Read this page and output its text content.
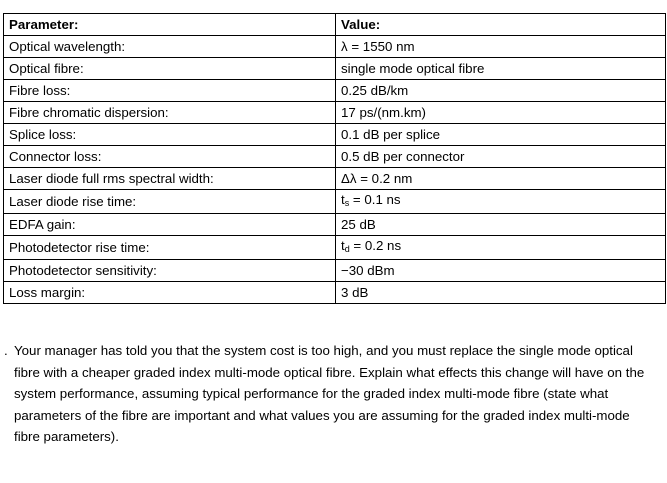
Parameter:	Value:
Optical wavelength:	λ = 1550 nm
Optical fibre:	single mode optical fibre
Fibre loss:	0.25 dB/km
Fibre chromatic dispersion:	17 ps/(nm.km)
Splice loss:	0.1 dB per splice
Connector loss:	0.5 dB per connector
Laser diode full rms spectral width:	Δλ = 0.2 nm
Laser diode rise time:	$t_s = 0.1$ ns
EDFA gain:	25 dB
Photodetector rise time:	$t_d = 0.2$ ns
Photodetector sensitivity:	−30 dBm
Loss margin:	3 dB
. Your manager has told you that the system cost is too high, and you must replace the single mode optical fibre with a cheaper graded index multi-mode optical fibre. Explain what effects this change will have on the system performance, assuming typical performance for the graded index multi-mode fibre (state what parameters of the fibre are important and what values you are assuming for the graded index multi-mode fibre parameters).
